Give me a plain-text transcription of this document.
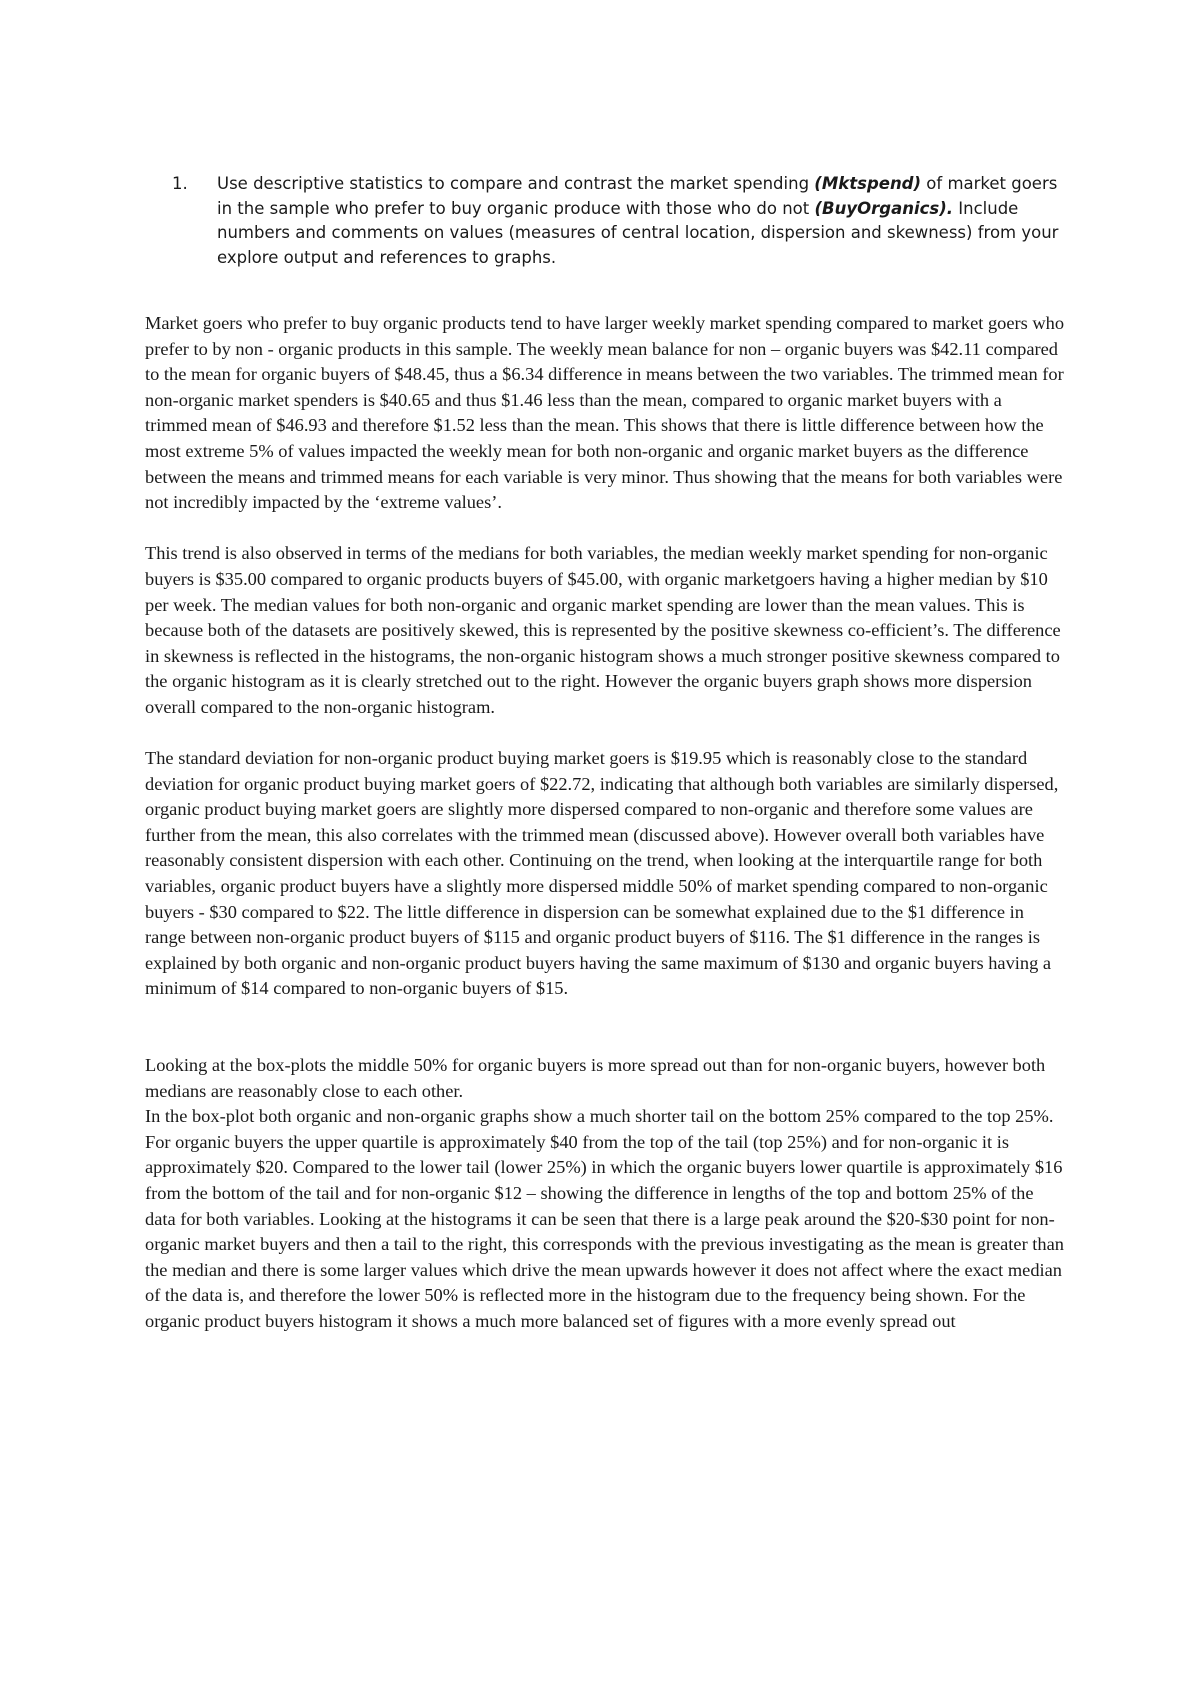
1. Use descriptive statistics to compare and contrast the market spending (Mktspend) of market goers in the sample who prefer to buy organic produce with those who do not (BuyOrganics). Include numbers and comments on values (measures of central location, dispersion and skewness) from your explore output and references to graphs.

Market goers who prefer to buy organic products tend to have larger weekly market spending compared to market goers who prefer to by non - organic products in this sample. The weekly mean balance for non – organic buyers was $42.11 compared to the mean for organic buyers of $48.45, thus a $6.34 difference in means between the two variables. The trimmed mean for non-organic market spenders is $40.65 and thus $1.46 less than the mean, compared to organic market buyers with a trimmed mean of $46.93 and therefore $1.52 less than the mean. This shows that there is little difference between how the most extreme 5% of values impacted the weekly mean for both non-organic and organic market buyers as the difference between the means and trimmed means for each variable is very minor. Thus showing that the means for both variables were not incredibly impacted by the ‘extreme values’.

This trend is also observed in terms of the medians for both variables, the median weekly market spending for non-organic buyers is $35.00 compared to organic products buyers of $45.00, with organic marketgoers having a higher median by $10 per week. The median values for both non-organic and organic market spending are lower than the mean values. This is because both of the datasets are positively skewed, this is represented by the positive skewness co-efficient’s. The difference in skewness is reflected in the histograms, the non-organic histogram shows a much stronger positive skewness compared to the organic histogram as it is clearly stretched out to the right. However the organic buyers graph shows more dispersion overall compared to the non-organic histogram.

The standard deviation for non-organic product buying market goers is $19.95 which is reasonably close to the standard deviation for organic product buying market goers of $22.72, indicating that although both variables are similarly dispersed, organic product buying market goers are slightly more dispersed compared to non-organic and therefore some values are further from the mean, this also correlates with the trimmed mean (discussed above). However overall both variables have reasonably consistent dispersion with each other. Continuing on the trend, when looking at the interquartile range for both variables, organic product buyers have a slightly more dispersed middle 50% of market spending compared to non-organic buyers - $30 compared to $22. The little difference in dispersion can be somewhat explained due to the $1 difference in range between non-organic product buyers of $115 and organic product buyers of $116. The $1 difference in the ranges is explained by both organic and non-organic product buyers having the same maximum of $130 and organic buyers having a minimum of $14 compared to non-organic buyers of $15.

Looking at the box-plots the middle 50% for organic buyers is more spread out than for non-organic buyers, however both medians are reasonably close to each other.

In the box-plot both organic and non-organic graphs show a much shorter tail on the bottom 25% compared to the top 25%. For organic buyers the upper quartile is approximately $40 from the top of the tail (top 25%) and for non-organic it is approximately $20. Compared to the lower tail (lower 25%) in which the organic buyers lower quartile is approximately $16 from the bottom of the tail and for non-organic $12 – showing the difference in lengths of the top and bottom 25% of the data for both variables. Looking at the histograms it can be seen that there is a large peak around the $20-$30 point for non-organic market buyers and then a tail to the right, this corresponds with the previous investigating as the mean is greater than the median and there is some larger values which drive the mean upwards however it does not affect where the exact median of the data is, and therefore the lower 50% is reflected more in the histogram due to the frequency being shown. For the organic product buyers histogram it shows a much more balanced set of figures with a more evenly spread out
